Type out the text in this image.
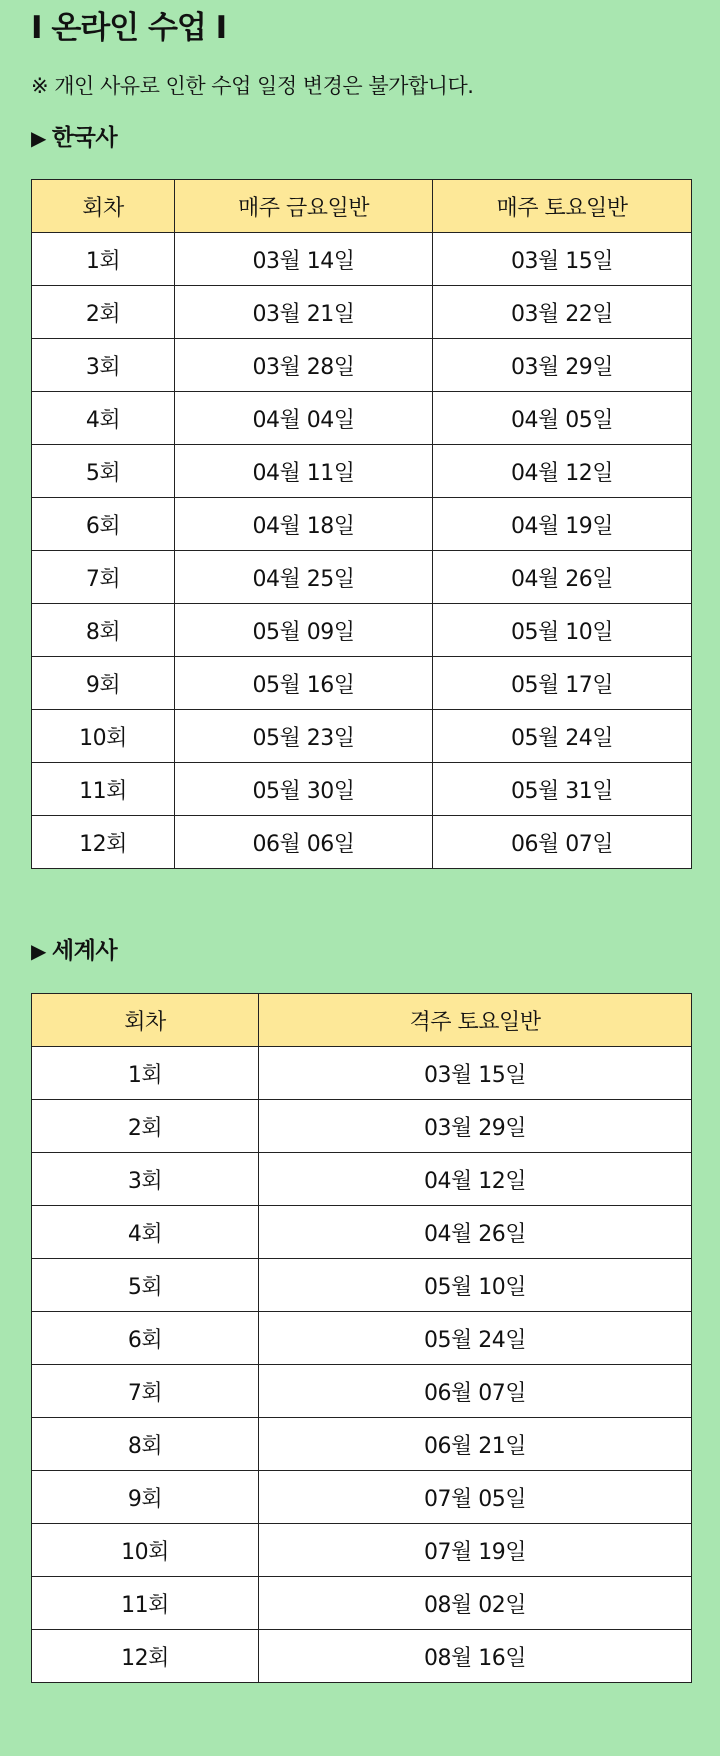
I 온라인 수업 I

※ 개인 사유로 인한 수업 일정 변경은 불가합니다.

▶ 한국사
회차	매주 금요일반	매주 토요일반
1회	03월 14일	03월 15일
2회	03월 21일	03월 22일
3회	03월 28일	03월 29일
4회	04월 04일	04월 05일
5회	04월 11일	04월 12일
6회	04월 18일	04월 19일
7회	04월 25일	04월 26일
8회	05월 09일	05월 10일
9회	05월 16일	05월 17일
10회	05월 23일	05월 24일
11회	05월 30일	05월 31일
12회	06월 06일	06월 07일
▶ 세계사
회차	격주 토요일반
1회	03월 15일
2회	03월 29일
3회	04월 12일
4회	04월 26일
5회	05월 10일
6회	05월 24일
7회	06월 07일
8회	06월 21일
9회	07월 05일
10회	07월 19일
11회	08월 02일
12회	08월 16일
